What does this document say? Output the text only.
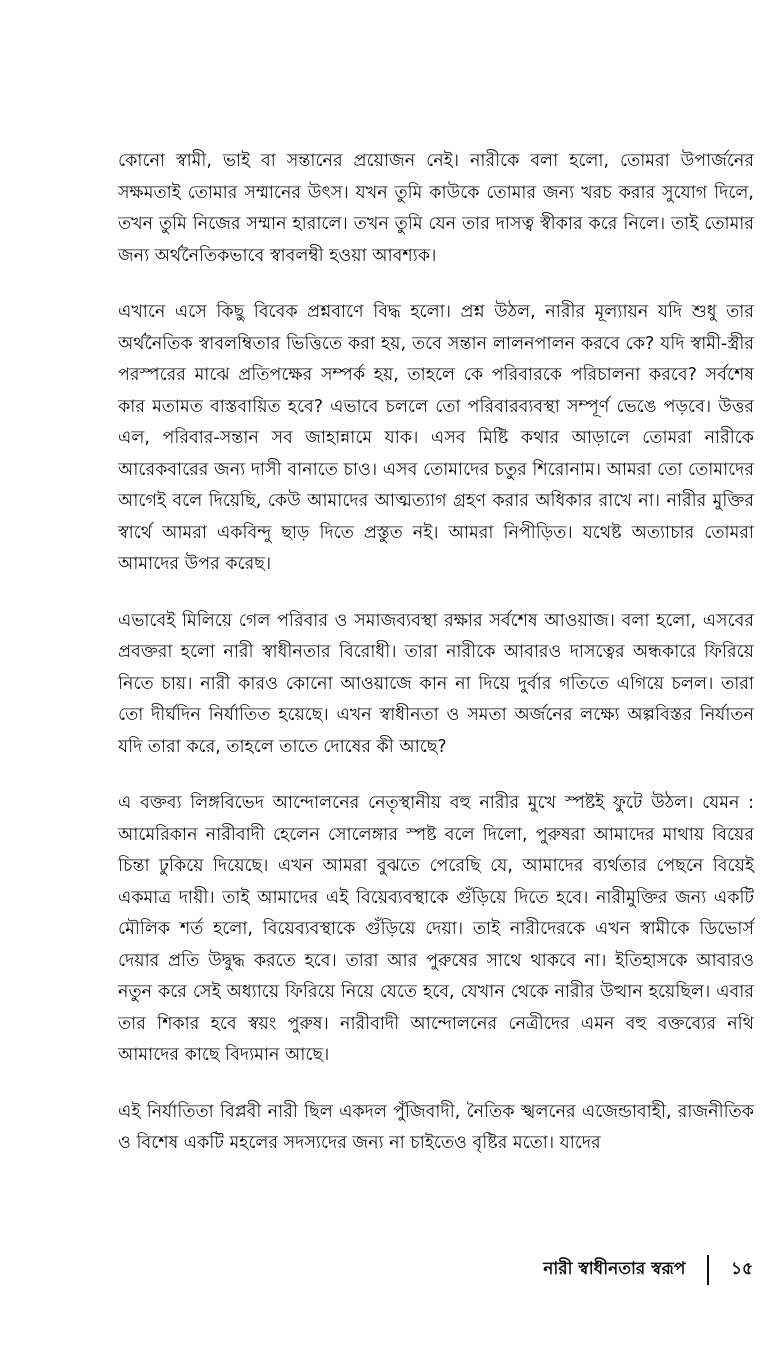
কোনো স্বামী, ভাই বা সন্তানের প্রয়োজন নেই। নারীকে বলা হলো, তোমরা উপার্জনের সক্ষমতাই তোমার সম্মানের উৎস। যখন তুমি কাউকে তোমার জন্য খরচ করার সুযোগ দিলে, তখন তুমি নিজের সম্মান হারালে। তখন তুমি যেন তার দাসত্ব স্বীকার করে নিলে। তাই তোমার জন্য অর্থনৈতিকভাবে স্বাবলম্বী হওয়া আবশ্যক।

এখানে এসে কিছু বিবেক প্রশ্নবাণে বিদ্ধ হলো। প্রশ্ন উঠল, নারীর মূল্যায়ন যদি শুধু তার অর্থনৈতিক স্বাবলম্বিতার ভিত্তিতে করা হয়, তবে সন্তান লালনপালন করবে কে? যদি স্বামী-স্ত্রীর পরস্পরের মাঝে প্রতিপক্ষের সম্পর্ক হয়, তাহলে কে পরিবারকে পরিচালনা করবে? সর্বশেষ কার মতামত বাস্তবায়িত হবে? এভাবে চললে তো পরিবারব্যবস্থা সম্পূর্ণ ভেঙে পড়বে। উত্তর এল, পরিবার-সন্তান সব জাহান্নামে যাক। এসব মিষ্টি কথার আড়ালে তোমরা নারীকে আরেকবারের জন্য দাসী বানাতে চাও। এসব তোমাদের চতুর শিরোনাম। আমরা তো তোমাদের আগেই বলে দিয়েছি, কেউ আমাদের আত্মত্যাগ গ্রহণ করার অধিকার রাখে না। নারীর মুক্তির স্বার্থে আমরা একবিন্দু ছাড় দিতে প্রস্তুত নই। আমরা নিপীড়িত। যথেষ্ট অত্যাচার তোমরা আমাদের উপর করেছ।

এভাবেই মিলিয়ে গেল পরিবার ও সমাজব্যবস্থা রক্ষার সর্বশেষ আওয়াজ। বলা হলো, এসবের প্রবক্তরা হলো নারী স্বাধীনতার বিরোধী। তারা নারীকে আবারও দাসত্বের অন্ধকারে ফিরিয়ে নিতে চায়। নারী কারও কোনো আওয়াজে কান না দিয়ে দুর্বার গতিতে এগিয়ে চলল। তারা তো দীর্ঘদিন নির্যাতিত হয়েছে। এখন স্বাধীনতা ও সমতা অর্জনের লক্ষ্যে অল্পবিস্তর নির্যাতন যদি তারা করে, তাহলে তাতে দোষের কী আছে?

এ বক্তব্য লিঙ্গবিভেদ আন্দোলনের নেতৃস্থানীয় বহু নারীর মুখে স্পষ্টই ফুটে উঠল। যেমন : আমেরিকান নারীবাদী হেলেন সোলেঙ্গার স্পষ্ট বলে দিলো, পুরুষরা আমাদের মাথায় বিয়ের চিন্তা ঢুকিয়ে দিয়েছে। এখন আমরা বুঝতে পেরেছি যে, আমাদের ব্যর্থতার পেছনে বিয়েই একমাত্র দায়ী। তাই আমাদের এই বিয়েব্যবস্থাকে গুঁড়িয়ে দিতে হবে। নারীমুক্তির জন্য একটি মৌলিক শর্ত হলো, বিয়েব্যবস্থাকে গুঁড়িয়ে দেয়া। তাই নারীদেরকে এখন স্বামীকে ডিভোর্স দেয়ার প্রতি উদ্বুদ্ধ করতে হবে। তারা আর পুরুষের সাথে থাকবে না। ইতিহাসকে আবারও নতুন করে সেই অধ্যায়ে ফিরিয়ে নিয়ে যেতে হবে, যেখান থেকে নারীর উত্থান হয়েছিল। এবার তার শিকার হবে স্বয়ং পুরুষ। নারীবাদী আন্দোলনের নেত্রীদের এমন বহু বক্তব্যের নথি আমাদের কাছে বিদ্যমান আছে।

এই নির্যাতিতা বিপ্লবী নারী ছিল একদল পুঁজিবাদী, নৈতিক স্খলনের এজেন্ডাবাহী, রাজনীতিক ও বিশেষ একটি মহলের সদস্যদের জন্য না চাইতেও বৃষ্টির মতো। যাদের

নারী স্বাধীনতার স্বরূপ	১৫
